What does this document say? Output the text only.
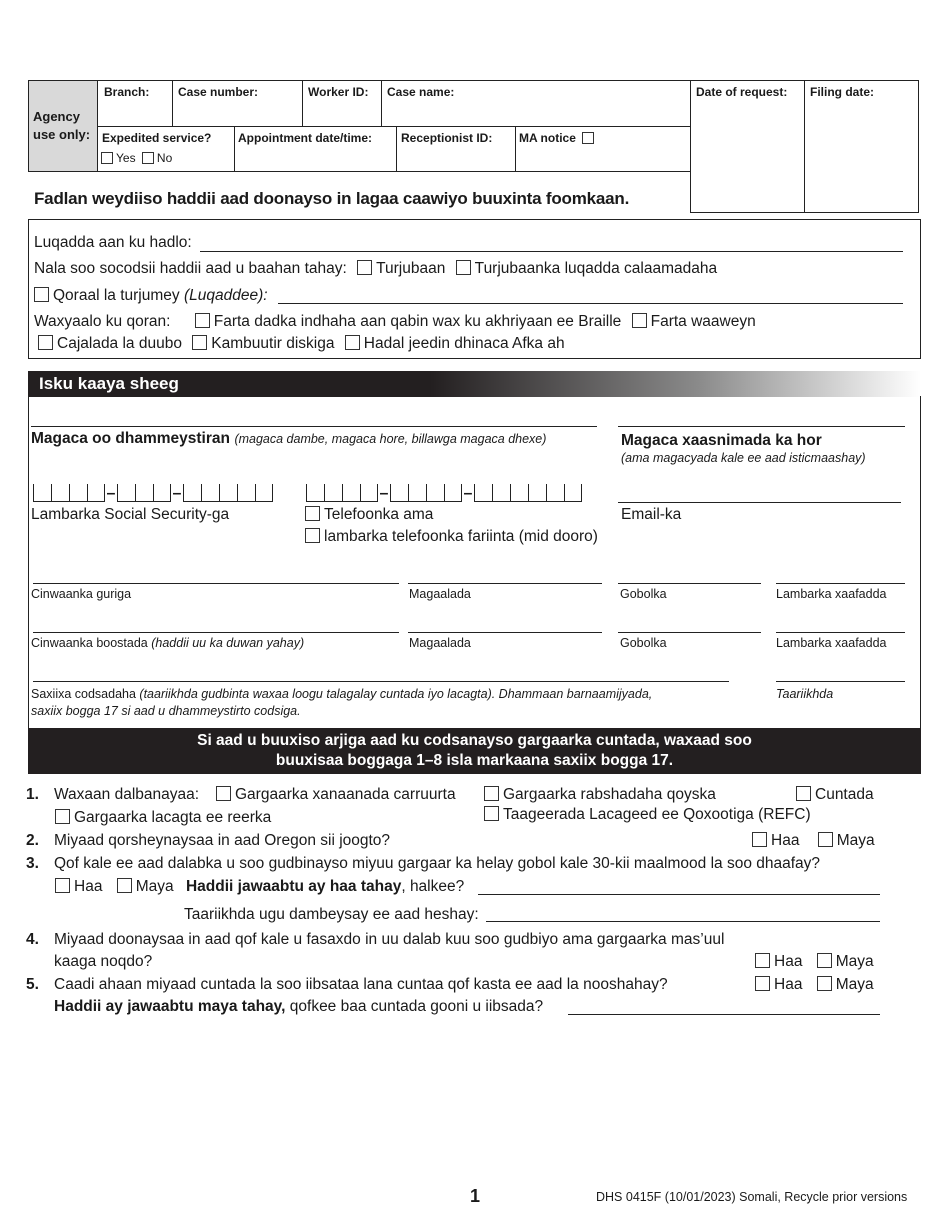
Agency use only:
Branch: Case number:	Worker ID: Case name:	Date of request: Filing date:
Expedited service?
Yes No
Appointment date/time: Receptionist ID: MA notice
Fadlan weydiiso haddii aad doonayso in lagaa caawiyo buuxinta foomkaan.
Luqadda aan ku hadlo:
Nala soo socodsii haddii aad u baahan tahay: Turjubaan Turjubaanka luqadda calaamadaha
Qoraal la turjumey (Luqaddee):
Waxyaalo ku qoran:	Farta dadka indhaha aan qabin wax ku akhriyaan ee Braille Farta waaweyn
Cajalada la duubo Kambuutir diskiga Hadal jeedin dhinaca Afka ah
Isku kaaya sheeg
Magaca oo dhammeystiran (magaca dambe, magaca hore, billawga magaca dhexe)	Magaca xaasnimada ka hor
(ama magacyada kale ee aad isticmaashay)
–	–
Lambarka Social Security-ga
–	–
Telefoonka ama
lambarka telefoonka fariinta (mid dooro)
Email-ka
Cinwaanka guriga	Magaalada	Gobolka	Lambarka xaafadda
Cinwaanka boostada (haddii uu ka duwan yahay)	Magaalada	Gobolka	Lambarka xaafadda
Saxiixa codsadaha (taariikhda gudbinta waxaa loogu talagalay cuntada iyo lacagta). Dhammaan barnaamijyada,
saxiix bogga 17 si aad u dhammeystirto codsiga.
Taariikhda
Si aad u buuxiso arjiga aad ku codsanayso gargaarka cuntada, waxaad soo
buuxisaa boggaga 1–8 isla markaana saxiix bogga 17.
1. Waxaan dalbanayaa:	Gargaarka xanaanada carruurta	Gargaarka rabshadaha qoyska	Cuntada
Gargaarka lacagta ee reerka	Taageerada Lacageed ee Qoxootiga (REFC)
2. Miyaad qorsheynaysaa in aad Oregon sii joogto?	Haa Maya
3. Qof kale ee aad dalabka u soo gudbinayso miyuu gargaar ka helay gobol kale 30-kii maalmood la soo dhaafay?
Haa Maya Haddii jawaabtu ay haa tahay, halkee?
Taariikhda ugu dambeysay ee aad heshay:
4. Miyaad doonaysaa in aad qof kale u fasaxdo in uu dalab kuu soo gudbiyo ama gargaarka mas’uul
kaaga noqdo?	Haa Maya
5. Caadi ahaan miyaad cuntada la soo iibsataa lana cuntaa qof kasta ee aad la nooshahay?	Haa Maya
Haddii ay jawaabtu maya tahay, qofkee baa cuntada gooni u iibsada?
1	DHS 0415F (10/01/2023) Somali, Recycle prior versions
